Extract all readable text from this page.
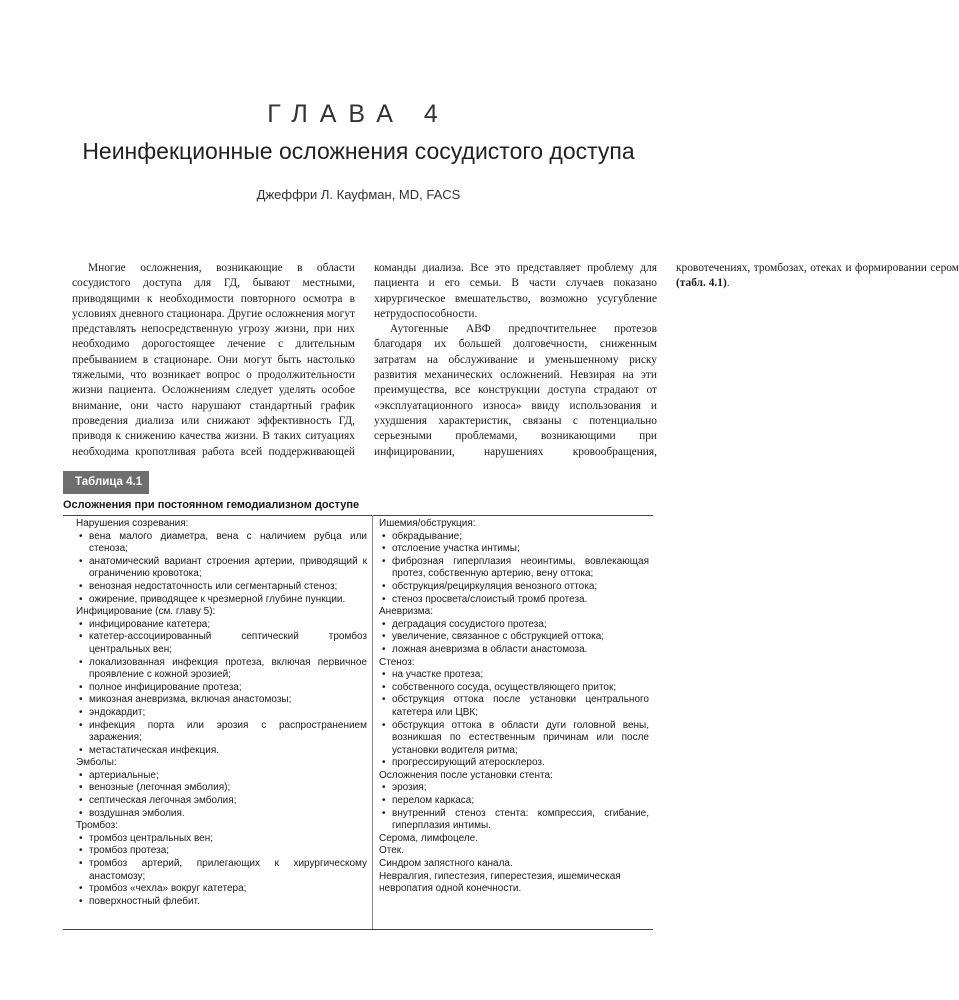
ГЛАВА 4
Неинфекционные осложнения сосудистого доступа
Джеффри Л. Кауфман, MD, FACS

Многие осложнения, возникающие в области сосудистого доступа для ГД, бывают местными, приводящими к необходимости повторного осмотра в условиях дневного стационара. Другие осложнения могут представлять непосредственную угрозу жизни, при них необходимо дорогостоящее лечение с длительным пребыванием в стационаре. Они могут быть настолько тяжелыми, что возникает вопрос о продолжительности жизни пациента. Осложнениям следует уделять особое внимание, они часто нарушают стандартный график проведения диализа или снижают эффективность ГД, приводя к снижению качества жизни. В таких ситуациях необходима кропотливая работа всей поддерживающей команды диализа. Все это представляет проблему для пациента и его семьи. В части случаев показано хирургическое вмешательство, возможно усугубление нетрудоспособности.

Аутогенные АВФ предпочтительнее протезов благодаря их большей долговечности, сниженным затратам на обслуживание и уменьшенному риску развития механических осложнений. Невзирая на эти преимущества, все конструкции доступа страдают от «эксплуатационного износа» ввиду использования и ухудшения характеристик, связаны с потенциально серьезными проблемами, возникающими при инфицировании, нарушениях кровообращения, кровотечениях, тромбозах, отеках и формировании сером (табл. 4.1).

Таблица 4.1
Осложнения при постоянном гемодиализном доступе
Нарушения созревания:
• вена малого диаметра, вена с наличием рубца или стеноза;
• анатомический вариант строения артерии, приводящий к ограничению кровотока;
• венозная недостаточность или сегментарный стеноз;
• ожирение, приводящее к чрезмерной глубине пункции.
Инфицирование (см. главу 5):
• инфицирование катетера;
• катетер-ассоциированный септический тромбоз центральных вен;
• локализованная инфекция протеза, включая первичное проявление с кожной эрозией;
• полное инфицирование протеза;
• микозная аневризма, включая анастомозы;
• эндокардит;
• инфекция порта или эрозия с распространением заражения;
• метастатическая инфекция.
Эмболы:
• артериальные;
• венозные (легочная эмболия);
• септическая легочная эмболия;
• воздушная эмболия.
Тромбоз:
• тромбоз центральных вен;
• тромбоз протеза;
• тромбоз артерий, прилегающих к хирургическому анастомозу;
• тромбоз «чехла» вокруг катетера;
• поверхностный флебит.
Ишемия/обструкция:
• обкрадывание;
• отслоение участка интимы;
• фиброзная гиперплазия неоинтимы, вовлекающая протез, собственную артерию, вену оттока;
• обструкция/рециркуляция венозного оттока;
• стеноз просвета/слоистый тромб протеза.
Аневризма:
• деградация сосудистого протеза;
• увеличение, связанное с обструкцией оттока;
• ложная аневризма в области анастомоза.
Стеноз:
• на участке протеза;
• собственного сосуда, осуществляющего приток;
• обструкция оттока после установки центрального катетера или ЦВК;
• обструкция оттока в области дуги головной вены, возникшая по естественным причинам или после установки водителя ритма;
• прогрессирующий атеросклероз.
Осложнения после установки стента:
• эрозия;
• перелом каркаса;
• внутренний стеноз стента: компрессия, сгибание, гиперплазия интимы.
Серома, лимфоцеле.
Отек.
Синдром запястного канала.
Невралгия, гипестезия, гиперестезия, ишемическая невропатия одной конечности.
